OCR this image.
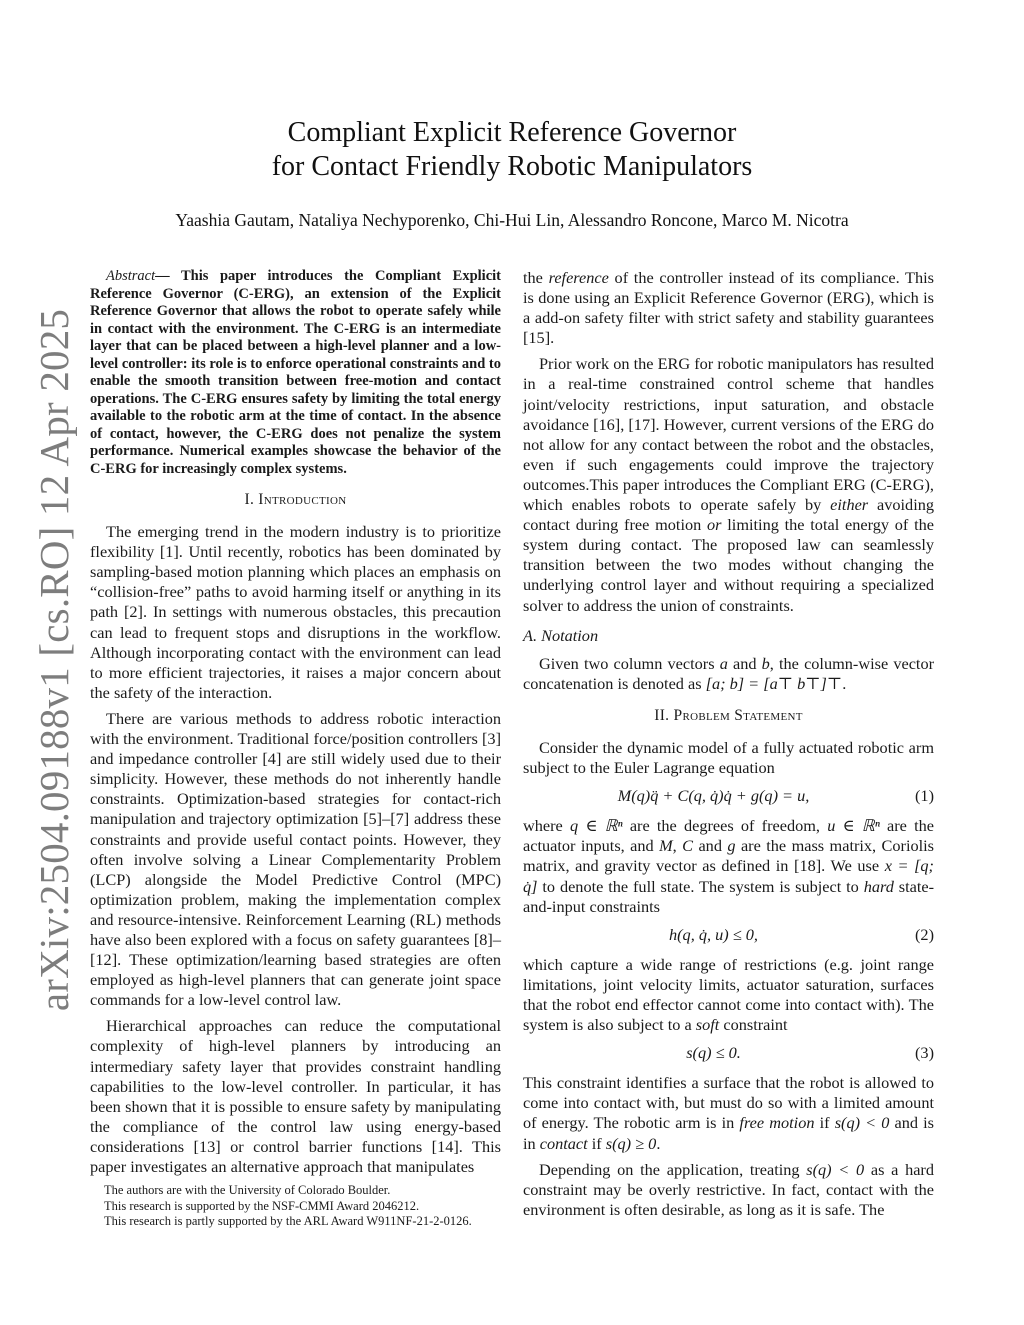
arXiv:2504.09188v1 [cs.RO] 12 Apr 2025
Compliant Explicit Reference Governor
for Contact Friendly Robotic Manipulators
Yaashia Gautam, Nataliya Nechyporenko, Chi-Hui Lin, Alessandro Roncone, Marco M. Nicotra

Abstract— This paper introduces the Compliant Explicit Reference Governor (C-ERG), an extension of the Explicit Reference Governor that allows the robot to operate safely while in contact with the environment. The C-ERG is an intermediate layer that can be placed between a high-level planner and a low-level controller: its role is to enforce operational constraints and to enable the smooth transition between free-motion and contact operations. The C-ERG ensures safety by limiting the total energy available to the robotic arm at the time of contact. In the absence of contact, however, the C-ERG does not penalize the system performance. Numerical examples showcase the behavior of the C-ERG for increasingly complex systems.

I. Introduction

The emerging trend in the modern industry is to prioritize flexibility [1]. Until recently, robotics has been dominated by sampling-based motion planning which places an emphasis on “collision-free” paths to avoid harming itself or anything in its path [2]. In settings with numerous obstacles, this precaution can lead to frequent stops and disruptions in the workflow. Although incorporating contact with the environment can lead to more efficient trajectories, it raises a major concern about the safety of the interaction.

There are various methods to address robotic interaction with the environment. Traditional force/position controllers [3] and impedance controller [4] are still widely used due to their simplicity. However, these methods do not inherently handle constraints. Optimization-based strategies for contact-rich manipulation and trajectory optimization [5]–[7] address these constraints and provide useful contact points. However, they often involve solving a Linear Complementarity Problem (LCP) alongside the Model Predictive Control (MPC) optimization problem, making the implementation complex and resource-intensive. Reinforcement Learning (RL) methods have also been explored with a focus on safety guarantees [8]–[12]. These optimization/learning based strategies are often employed as high-level planners that can generate joint space commands for a low-level control law.

Hierarchical approaches can reduce the computational complexity of high-level planners by introducing an intermediary safety layer that provides constraint handling capabilities to the low-level controller. In particular, it has been shown that it is possible to ensure safety by manipulating the compliance of the control law using energy-based considerations [13] or control barrier functions [14]. This paper investigates an alternative approach that manipulates

the reference of the controller instead of its compliance. This is done using an Explicit Reference Governor (ERG), which is a add-on safety filter with strict safety and stability guarantees [15].

Prior work on the ERG for robotic manipulators has resulted in a real-time constrained control scheme that handles joint/velocity restrictions, input saturation, and obstacle avoidance [16], [17]. However, current versions of the ERG do not allow for any contact between the robot and the obstacles, even if such engagements could improve the trajectory outcomes.This paper introduces the Compliant ERG (C-ERG), which enables robots to operate safely by either avoiding contact during free motion or limiting the total energy of the system during contact. The proposed law can seamlessly transition between the two modes without changing the underlying control layer and without requiring a specialized solver to address the union of constraints.

A. Notation

Given two column vectors a and b, the column-wise vector concatenation is denoted as [a; b] = [a⊤ b⊤]⊤.

II. Problem Statement

Consider the dynamic model of a fully actuated robotic arm subject to the Euler Lagrange equation

M(q)q̈ + C(q, q̇)q̇ + g(q) = u,	(1)

where q ∈ ℝⁿ are the degrees of freedom, u ∈ ℝⁿ are the actuator inputs, and M, C and g are the mass matrix, Coriolis matrix, and gravity vector as defined in [18]. We use x = [q; q̇] to denote the full state. The system is subject to hard state-and-input constraints

h(q, q̇, u) ≤ 0,	(2)

which capture a wide range of restrictions (e.g. joint range limitations, joint velocity limits, actuator saturation, surfaces that the robot end effector cannot come into contact with). The system is also subject to a soft constraint

s(q) ≤ 0.	(3)

This constraint identifies a surface that the robot is allowed to come into contact with, but must do so with a limited amount of energy. The robotic arm is in free motion if s(q) < 0 and is in contact if s(q) ≥ 0.

Depending on the application, treating s(q) < 0 as a hard constraint may be overly restrictive. In fact, contact with the environment is often desirable, as long as it is safe. The

The authors are with the University of Colorado Boulder.
This research is supported by the NSF-CMMI Award 2046212.
This research is partly supported by the ARL Award W911NF-21-2-0126.
